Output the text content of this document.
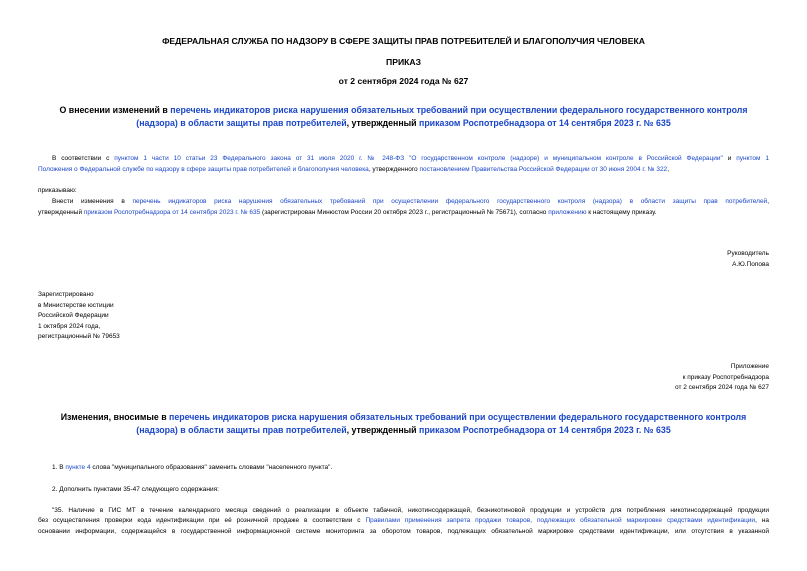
ФЕДЕРАЛЬНАЯ СЛУЖБА ПО НАДЗОРУ В СФЕРЕ ЗАЩИТЫ ПРАВ ПОТРЕБИТЕЛЕЙ И БЛАГОПОЛУЧИЯ ЧЕЛОВЕКА
ПРИКАЗ
от 2 сентября 2024 года № 627
О внесении изменений в перечень индикаторов риска нарушения обязательных требований при осуществлении федерального государственного контроля
(надзора) в области защиты прав потребителей, утвержденный приказом Роспотребнадзора от 14 сентября 2023 г. № 635
В соответствии с пунктом 1 части 10 статьи 23 Федерального закона от 31 июля 2020 г. № 248-ФЗ "О государственном контроле (надзоре) и муниципальном контроле в Российской Федерации" и пунктом 1
Положения о Федеральной службе по надзору в сфере защиты прав потребителей и благополучия человека, утвержденного постановлением Правительства Российской Федерации от 30 июня 2004 г. № 322,
приказываю:
Внести изменения в перечень индикаторов риска нарушения обязательных требований при осуществлении федерального государственного контроля (надзора) в области защиты прав потребителей,
утвержденный приказом Роспотребнадзора от 14 сентября 2023 г. № 635 (зарегистрирован Минюстом России 20 октября 2023 г., регистрационный № 75671), согласно приложению к настоящему приказу.
Руководитель
А.Ю.Попова
Зарегистрировано
в Министерстве юстиции
Российской Федерации
1 октября 2024 года,
регистрационный № 79653
Приложение
к приказу Роспотребнадзора
от 2 сентября 2024 года № 627
Изменения, вносимые в перечень индикаторов риска нарушения обязательных требований при осуществлении федерального государственного контроля
(надзора) в области защиты прав потребителей, утвержденный приказом Роспотребнадзора от 14 сентября 2023 г. № 635
1. В пункте 4 слова "муниципального образования" заменить словами "населенного пункта".
2. Дополнить пунктами 35-47 следующего содержания:
"35. Наличие в ГИС МТ в течение календарного месяца сведений о реализации в объекте табачной, никотинсодержащей, безникотиновой продукции и устройств для потребления никотинсодержащей продукции
без осуществления проверки кода идентификации при её розничной продаже в соответствии с Правилами применения запрета продажи товаров, подлежащих обязательной маркировке средствами идентификации, на
основании информации, содержащейся в государственной информационной системе мониторинга за оборотом товаров, подлежащих обязательной маркировке средствами идентификации, или отсутствия в указанной
